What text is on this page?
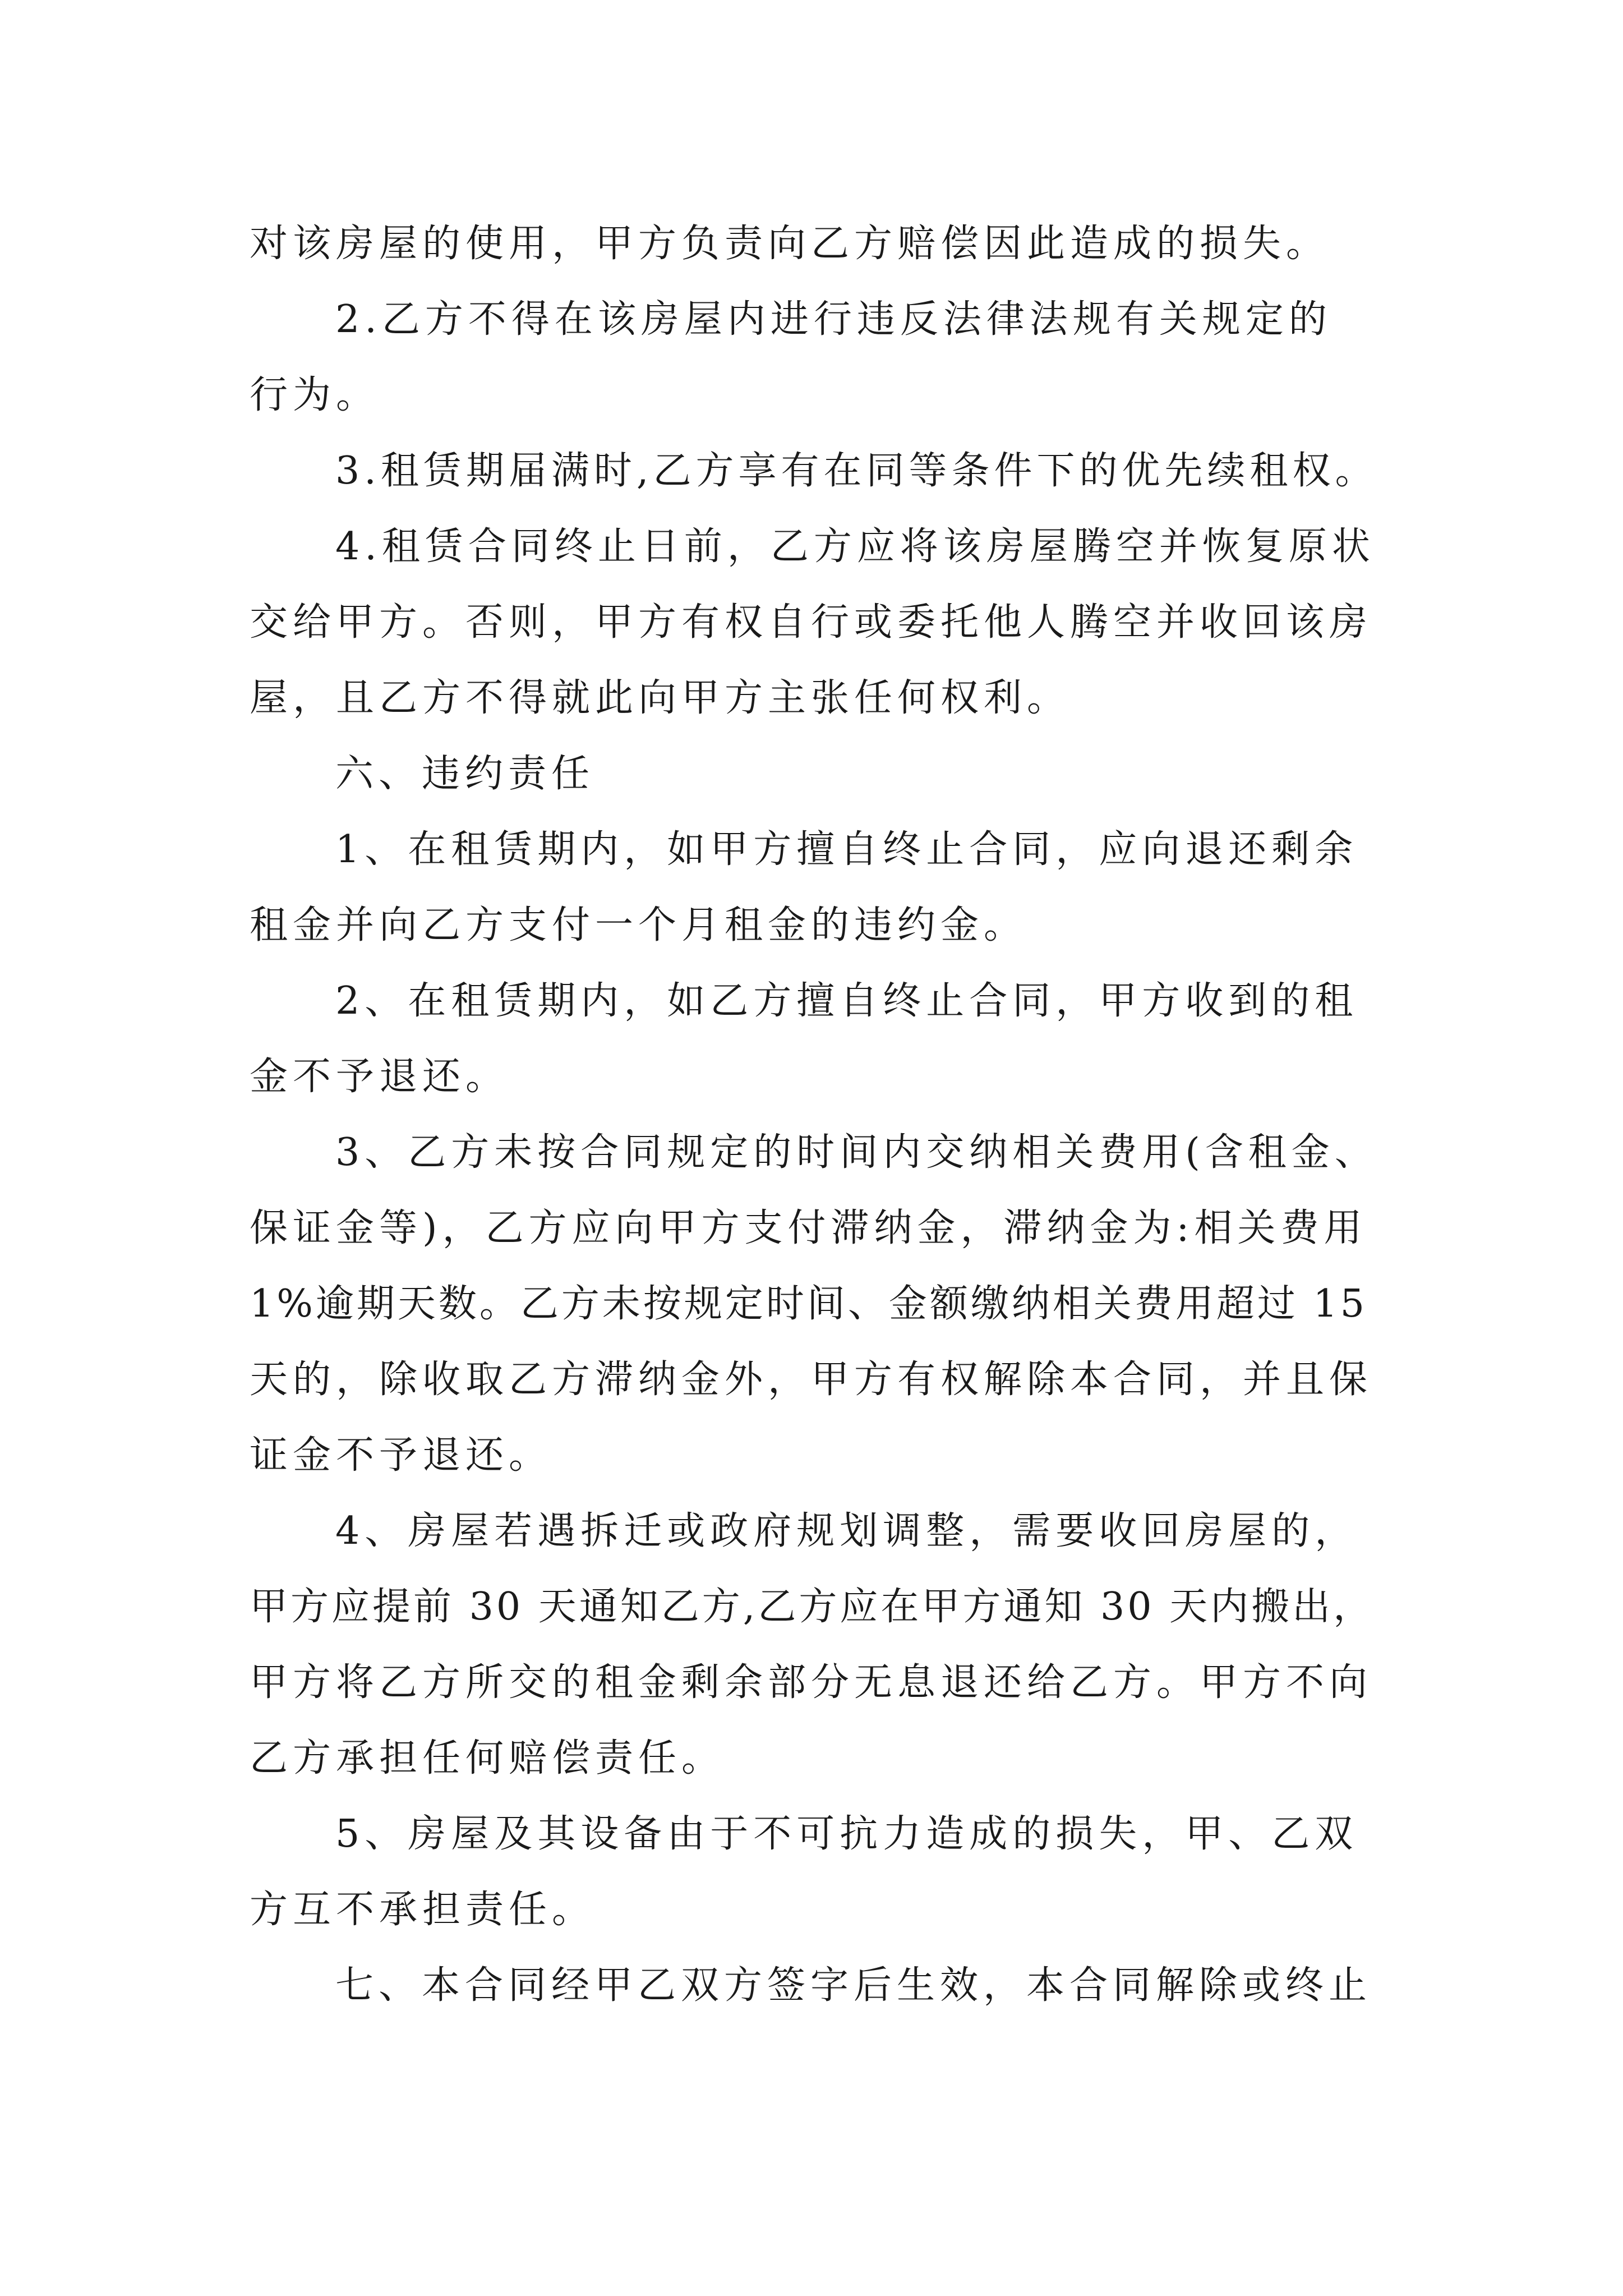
对该房屋的使用，甲方负责向乙方赔偿因此造成的损失。
2.乙方不得在该房屋内进行违反法律法规有关规定的
行为。
3.租赁期届满时,乙方享有在同等条件下的优先续租权。
4.租赁合同终止日前，乙方应将该房屋腾空并恢复原状
交给甲方。否则，甲方有权自行或委托他人腾空并收回该房
屋，且乙方不得就此向甲方主张任何权利。
六、违约责任
1、在租赁期内，如甲方擅自终止合同，应向退还剩余
租金并向乙方支付一个月租金的违约金。
2、在租赁期内，如乙方擅自终止合同，甲方收到的租
金不予退还。
3、乙方未按合同规定的时间内交纳相关费用(含租金、
保证金等)，乙方应向甲方支付滞纳金，滞纳金为:相关费用
1%逾期天数。乙方未按规定时间、金额缴纳相关费用超过 15
天的，除收取乙方滞纳金外，甲方有权解除本合同，并且保
证金不予退还。
4、房屋若遇拆迁或政府规划调整，需要收回房屋的，
甲方应提前 30 天通知乙方,乙方应在甲方通知 30 天内搬出，
甲方将乙方所交的租金剩余部分无息退还给乙方。甲方不向
乙方承担任何赔偿责任。
5、房屋及其设备由于不可抗力造成的损失，甲、乙双
方互不承担责任。
七、本合同经甲乙双方签字后生效，本合同解除或终止
